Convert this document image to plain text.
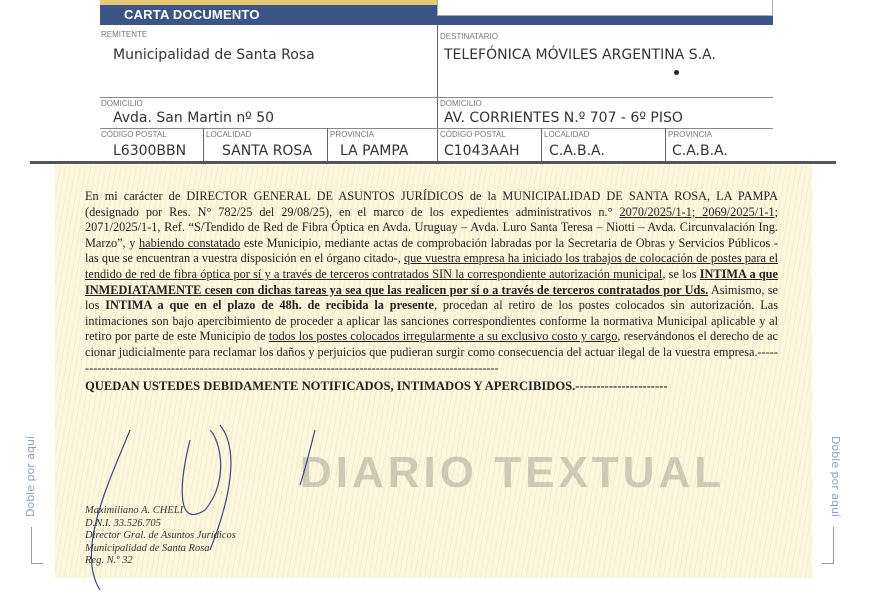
CARTA DOCUMENTO
REMITENTE
Municipalidad de Santa Rosa
DOMICILIO
Avda. San Martin nº 50
CÓDIGO POSTAL
L6300BBN
LOCALIDAD
SANTA ROSA
PROVINCIA
LA PAMPA
DESTINATARIO
TELEFÓNICA MÓVILES ARGENTINA S.A.
DOMICILIO
AV. CORRIENTES N.º 707 - 6º PISO
CÓDIGO POSTAL
C1043AAH
LOCALIDAD
C.A.B.A.
PROVINCIA
C.A.B.A.
En mi carácter de DIRECTOR GENERAL DE ASUNTOS JURÍDICOS de la MUNICIPALIDAD DE SANTA ROSA, LA PAMPA (designado por Res. N° 782/25 del 29/08/25), en el marco de los expedientes administrativos n.° 2070/2025/1-1; 2069/2025/1-1; 2071/2025/1-1, Ref. “S/Tendido de Red de Fibra Óptica en Avda. Uruguay – Avda. Luro Santa Teresa – Niotti – Avda. Circunvalación Ing. Marzo”, y habiendo constatado este Municipio, mediante actas de comprobación labradas por la Secretaria de Obras y Servicios Públicos -las que se encuentran a vuestra disposición en el órgano citado-, que vuestra empresa ha iniciado los trabajos de colocación de postes para el tendido de red de fibra óptica por sí y a través de terceros contratados SIN la correspondiente autorización municipal, se los INTIMA a que INMEDIATAMENTE cesen con dichas tareas ya sea que las realicen por sí o a través de terceros contratados por Uds. Asimismo, se los INTIMA a que en el plazo de 48h. de recibida la presente, procedan al retiro de los postes colocados sin autorización. Las intimaciones son bajo apercibimiento de proceder a aplicar las sanciones correspondientes conforme la normativa Municipal aplicable y al retiro por parte de este Municipio de todos los postes colocados irregularmente a su exclusivo costo y cargo, reservándonos el derecho de accionar judicialmente para reclamar los daños y perjuicios que pudieran surgir como consecuencia del actuar ilegal de la vuestra empresa.----------------------------------------------------------------------------------------------------------
QUEDAN USTEDES DEBIDAMENTE NOTIFICADOS, INTIMADOS Y APERCIBIDOS.----------------------
DIARIO TEXTUAL
Maximiliano A. CHELI
D.N.I. 33.526.705
Director Gral. de Asuntos Jurídicos
Municipalidad de Santa Rosa
Reg. N.º 32
Doble por aquí	Doble por aquí
